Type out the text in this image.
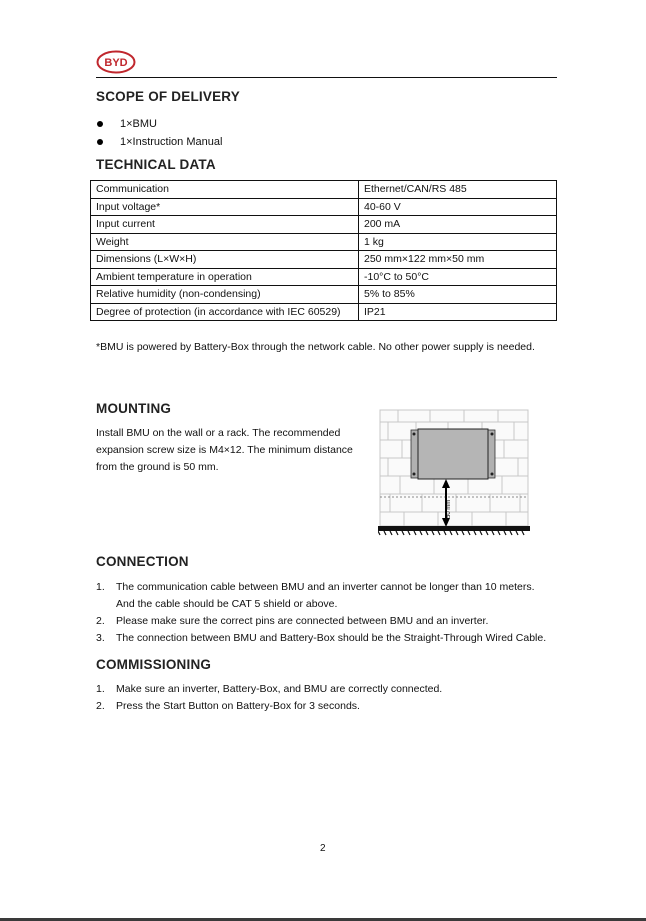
BYD
SCOPE OF DELIVERY
1×BMU
1×Instruction Manual
TECHNICAL DATA
Communication	Ethernet/CAN/RS 485
Input voltage*	40-60 V
Input current	200 mA
Weight	1 kg
Dimensions (L×W×H)	250 mm×122 mm×50 mm
Ambient temperature in operation	-10°C to 50°C
Relative humidity (non-condensing)	5% to 85%
Degree of protection (in accordance with IEC 60529)	IP21
*BMU is powered by Battery-Box through the network cable. No other power supply is needed.
MOUNTING
Install BMU on the wall or a rack. The recommended
expansion screw size is M4×12. The minimum distance
from the ground is 50 mm.
50 mm
CONNECTION
1.	The communication cable between BMU and an inverter cannot be longer than 10 meters.
And the cable should be CAT 5 shield or above.
2.	Please make sure the correct pins are connected between BMU and an inverter.
3.	The connection between BMU and Battery-Box should be the Straight-Through Wired Cable.
COMMISSIONING
1.	Make sure an inverter, Battery-Box, and BMU are correctly connected.
2.	Press the Start Button on Battery-Box for 3 seconds.
2
